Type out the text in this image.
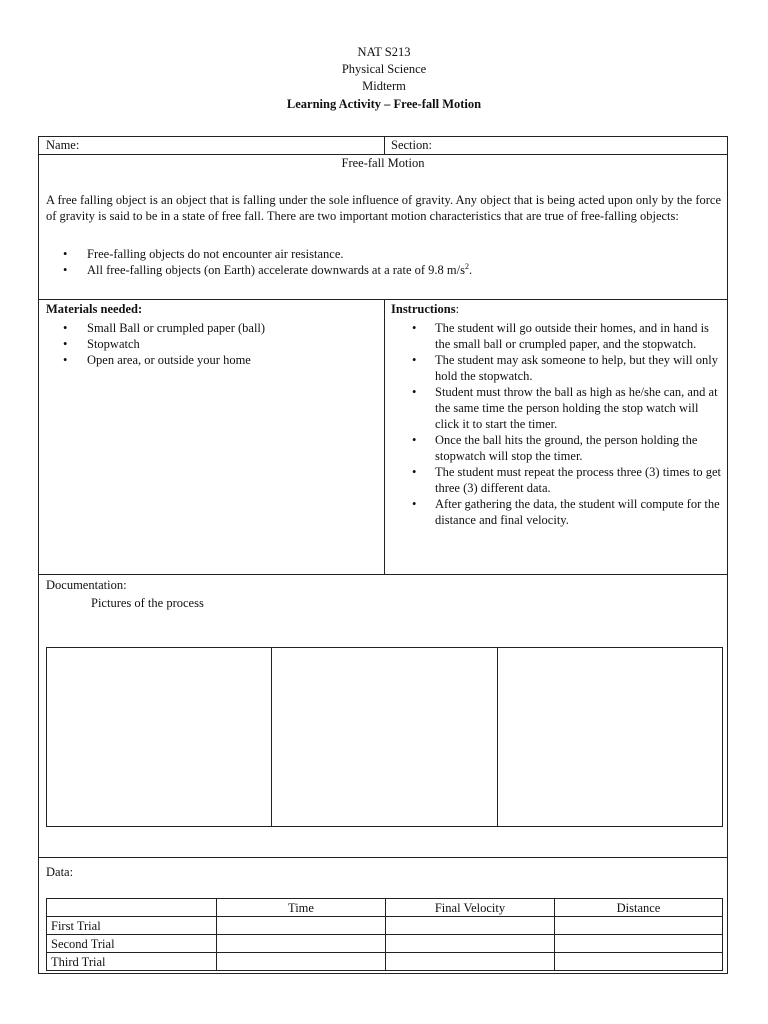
NAT S213
Physical Science
Midterm
Learning Activity – Free-fall Motion
Name:	Section:
Free-fall Motion
A free falling object is an object that is falling under the sole influence of gravity. Any object that is being acted upon only by the force of gravity is said to be in a state of free fall. There are two important motion characteristics that are true of free-falling objects:
• Free-falling objects do not encounter air resistance.
• All free-falling objects (on Earth) accelerate downwards at a rate of 9.8 $m/s^2$.
Materials needed:
• Small Ball or crumpled paper (ball)
• Stopwatch
• Open area, or outside your home
Instructions:
• The student will go outside their homes, and in hand is the small ball or crumpled paper, and the stopwatch.
• The student may ask someone to help, but they will only hold the stopwatch.
• Student must throw the ball as high as he/she can, and at the same time the person holding the stop watch will click it to start the timer.
• Once the ball hits the ground, the person holding the stopwatch will stop the timer.
• The student must repeat the process three (3) times to get three (3) different data.
• After gathering the data, the student will compute for the distance and final velocity.
Documentation:
Pictures of the process
Data:
	Time	Final Velocity	Distance
First Trial			
Second Trial			
Third Trial			
